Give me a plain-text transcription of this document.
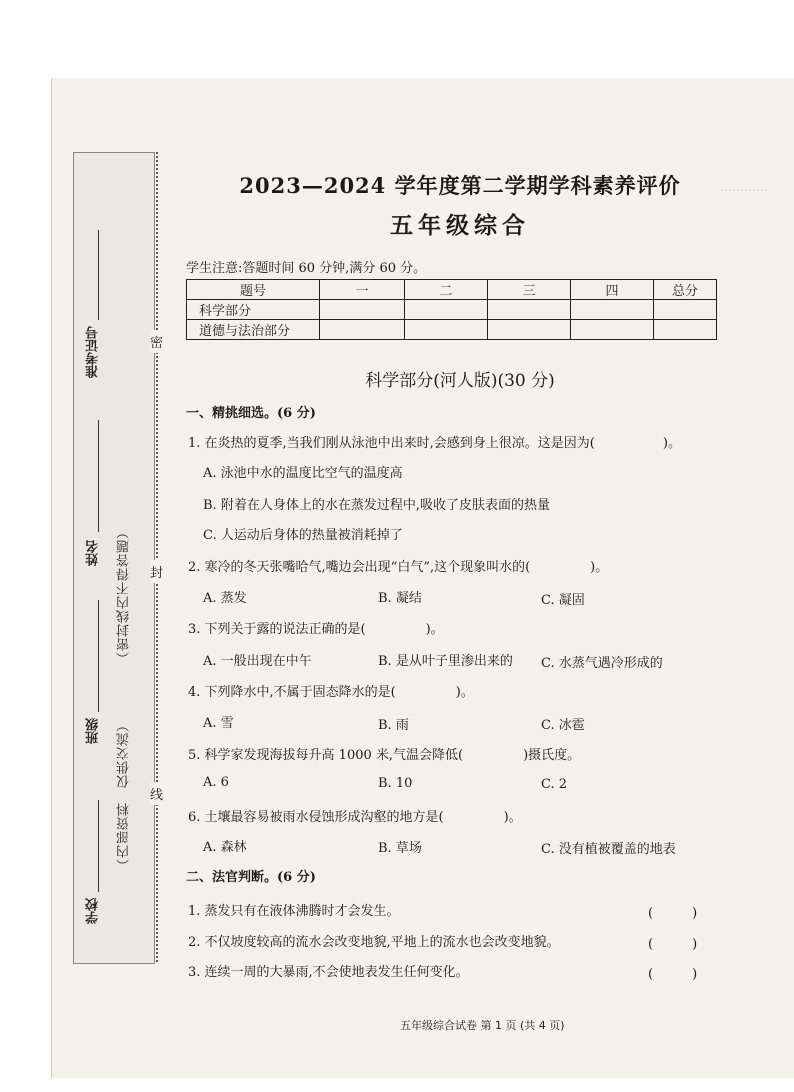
…………
准考证号
姓名
班级
学校
（密封线内不得答题）
（内部资料　仅供交流）
密
封
线
2023—2024 学年度第二学期学科素养评价
五年级综合
学生注意:答题时间 60 分钟,满分 60 分。
题号	一	二	三	四	总分
科学部分					
道德与法治部分					
科学部分(河人版)(30 分)
一、精挑细选。(6 分)
1. 在炎热的夏季,当我们刚从泳池中出来时,会感到身上很凉。这是因为(	)。
A. 泳池中水的温度比空气的温度高
B. 附着在人身体上的水在蒸发过程中,吸收了皮肤表面的热量
C. 人运动后身体的热量被消耗掉了
2. 寒冷的冬天张嘴哈气,嘴边会出现“白气”,这个现象叫水的(	)。
A. 蒸发	B. 凝结	C. 凝固
3. 下列关于露的说法正确的是(	)。
A. 一般出现在中午	B. 是从叶子里渗出来的 C. 水蒸气遇冷形成的
4. 下列降水中,不属于固态降水的是(	)。
A. 雪	B. 雨	C. 冰雹
5. 科学家发现海拔每升高 1000 米,气温会降低(	)摄氏度。
A. 6	B. 10	C. 2
6. 土壤最容易被雨水侵蚀形成沟壑的地方是(	)。
A. 森林	B. 草场	C. 没有植被覆盖的地表
二、法官判断。(6 分)
1. 蒸发只有在液体沸腾时才会发生。	(　　　)
2. 不仅坡度较高的流水会改变地貌,平地上的流水也会改变地貌。	(　　　)
3. 连续一周的大暴雨,不会使地表发生任何变化。	(　　　)
五年级综合试卷 第 1 页 (共 4 页)
